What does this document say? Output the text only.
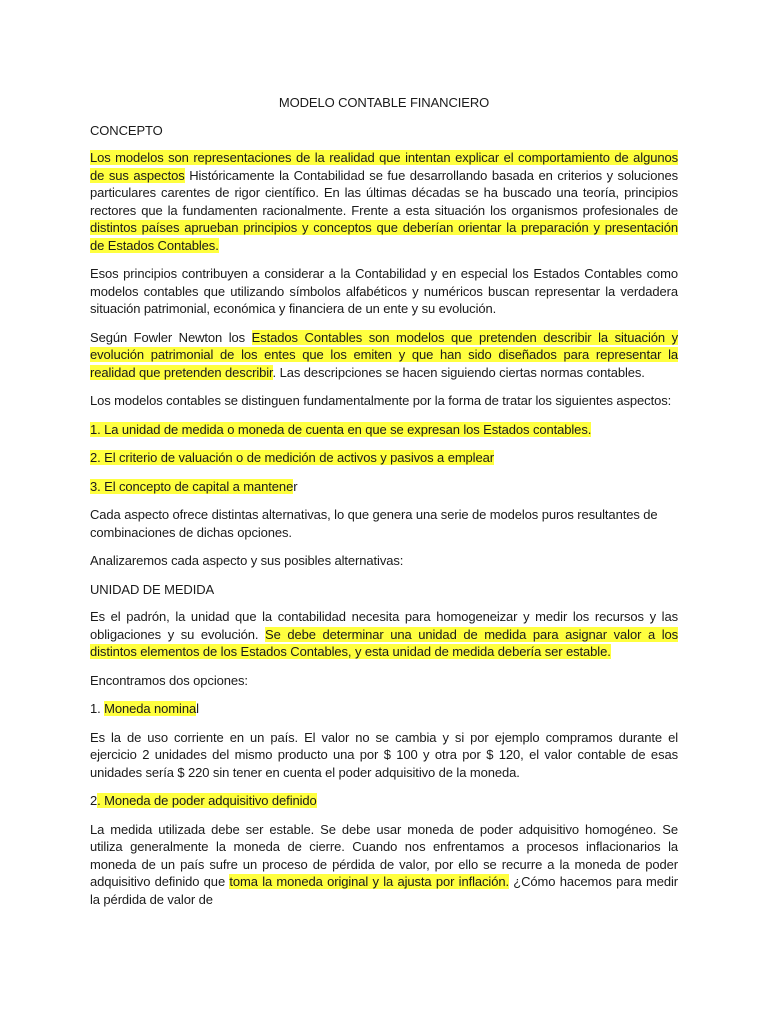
MODELO CONTABLE FINANCIERO

CONCEPTO

Los modelos son representaciones de la realidad que intentan explicar el comportamiento de algunos de sus aspectos Históricamente la Contabilidad se fue desarrollando basada en criterios y soluciones particulares carentes de rigor científico. En las últimas décadas se ha buscado una teoría, principios rectores que la fundamenten racionalmente. Frente a esta situación los organismos profesionales de distintos países aprueban principios y conceptos que deberían orientar la preparación y presentación de Estados Contables.

Esos principios contribuyen a considerar a la Contabilidad y en especial los Estados Contables como modelos contables que utilizando símbolos alfabéticos y numéricos buscan representar la verdadera situación patrimonial, económica y financiera de un ente y su evolución.

Según Fowler Newton los Estados Contables son modelos que pretenden describir la situación y evolución patrimonial de los entes que los emiten y que han sido diseñados para representar la realidad que pretenden describir. Las descripciones se hacen siguiendo ciertas normas contables.

Los modelos contables se distinguen fundamentalmente por la forma de tratar los siguientes aspectos:

1. La unidad de medida o moneda de cuenta en que se expresan los Estados contables.

2. El criterio de valuación o de medición de activos y pasivos a emplear

3. El concepto de capital a mantener

Cada aspecto ofrece distintas alternativas, lo que genera una serie de modelos puros resultantes de combinaciones de dichas opciones.

Analizaremos cada aspecto y sus posibles alternativas:

UNIDAD DE MEDIDA

Es el padrón, la unidad que la contabilidad necesita para homogeneizar y medir los recursos y las obligaciones y su evolución. Se debe determinar una unidad de medida para asignar valor a los distintos elementos de los Estados Contables, y esta unidad de medida debería ser estable.

Encontramos dos opciones:

1. Moneda nominal

Es la de uso corriente en un país. El valor no se cambia y si por ejemplo compramos durante el ejercicio 2 unidades del mismo producto una por $ 100 y otra por $ 120, el valor contable de esas unidades sería $ 220 sin tener en cuenta el poder adquisitivo de la moneda.

2. Moneda de poder adquisitivo definido

La medida utilizada debe ser estable. Se debe usar moneda de poder adquisitivo homogéneo. Se utiliza generalmente la moneda de cierre. Cuando nos enfrentamos a procesos inflacionarios la moneda de un país sufre un proceso de pérdida de valor, por ello se recurre a la moneda de poder adquisitivo definido que toma la moneda original y la ajusta por inflación. ¿Cómo hacemos para medir la pérdida de valor de
